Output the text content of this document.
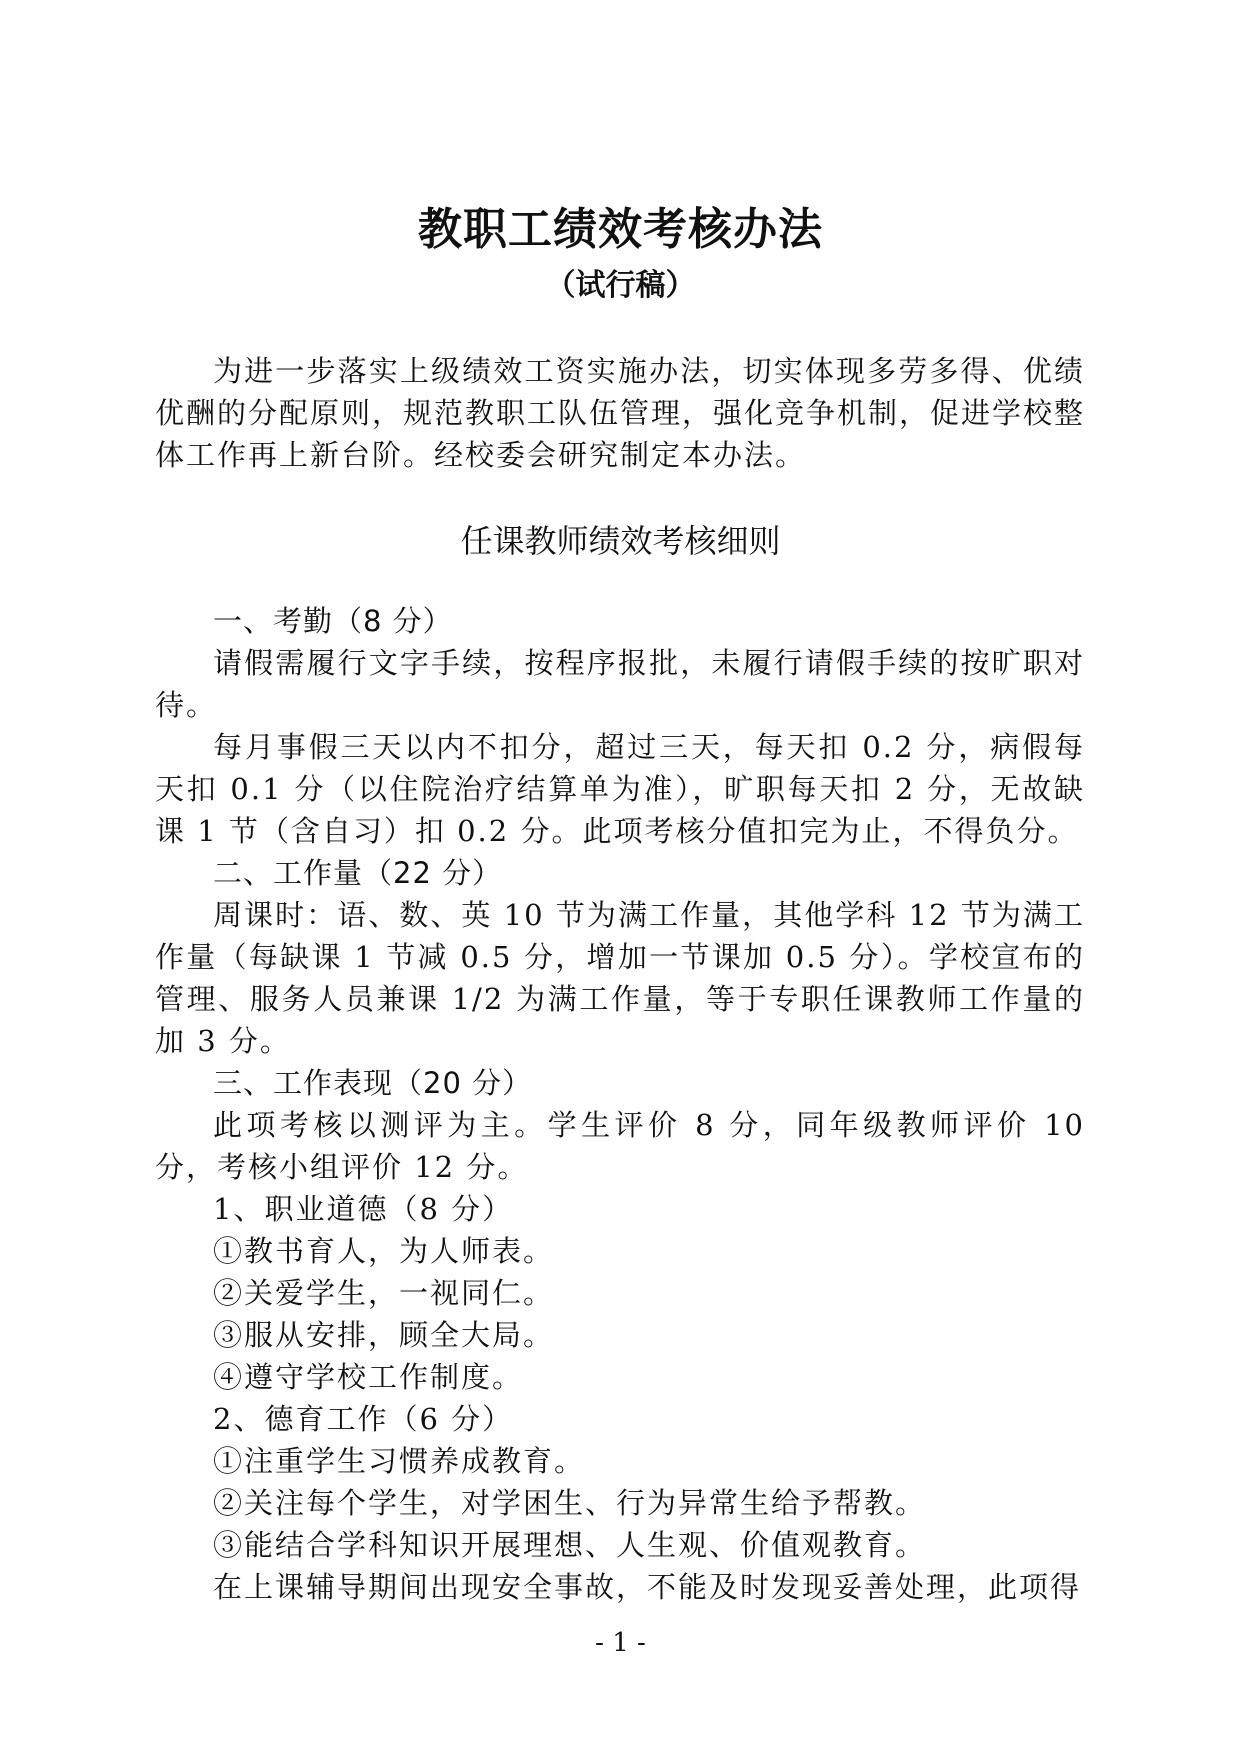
教职工绩效考核办法
（试行稿）

为进一步落实上级绩效工资实施办法，切实体现多劳多得、优绩优酬的分配原则，规范教职工队伍管理，强化竞争机制，促进学校整体工作再上新台阶。经校委会研究制定本办法。

任课教师绩效考核细则

一、考勤（8 分）

请假需履行文字手续，按程序报批，未履行请假手续的按旷职对待。

每月事假三天以内不扣分，超过三天，每天扣 0.2 分，病假每天扣 0.1 分（以住院治疗结算单为准），旷职每天扣 2 分，无故缺课 1 节（含自习）扣 0.2 分。此项考核分值扣完为止，不得负分。

二、工作量（22 分）

周课时：语、数、英 10 节为满工作量，其他学科 12 节为满工作量（每缺课 1 节减 0.5 分，增加一节课加 0.5 分）。学校宣布的管理、服务人员兼课 1/2 为满工作量，等于专职任课教师工作量的加 3 分。

三、工作表现（20 分）

此项考核以测评为主。学生评价 8 分，同年级教师评价 10 分，考核小组评价 12 分。

1、职业道德（8 分）

①教书育人，为人师表。

②关爱学生，一视同仁。

③服从安排，顾全大局。

④遵守学校工作制度。

2、德育工作（6 分）

①注重学生习惯养成教育。

②关注每个学生，对学困生、行为异常生给予帮教。

③能结合学科知识开展理想、人生观、价值观教育。

在上课辅导期间出现安全事故，不能及时发现妥善处理，此项得

- 1 -
